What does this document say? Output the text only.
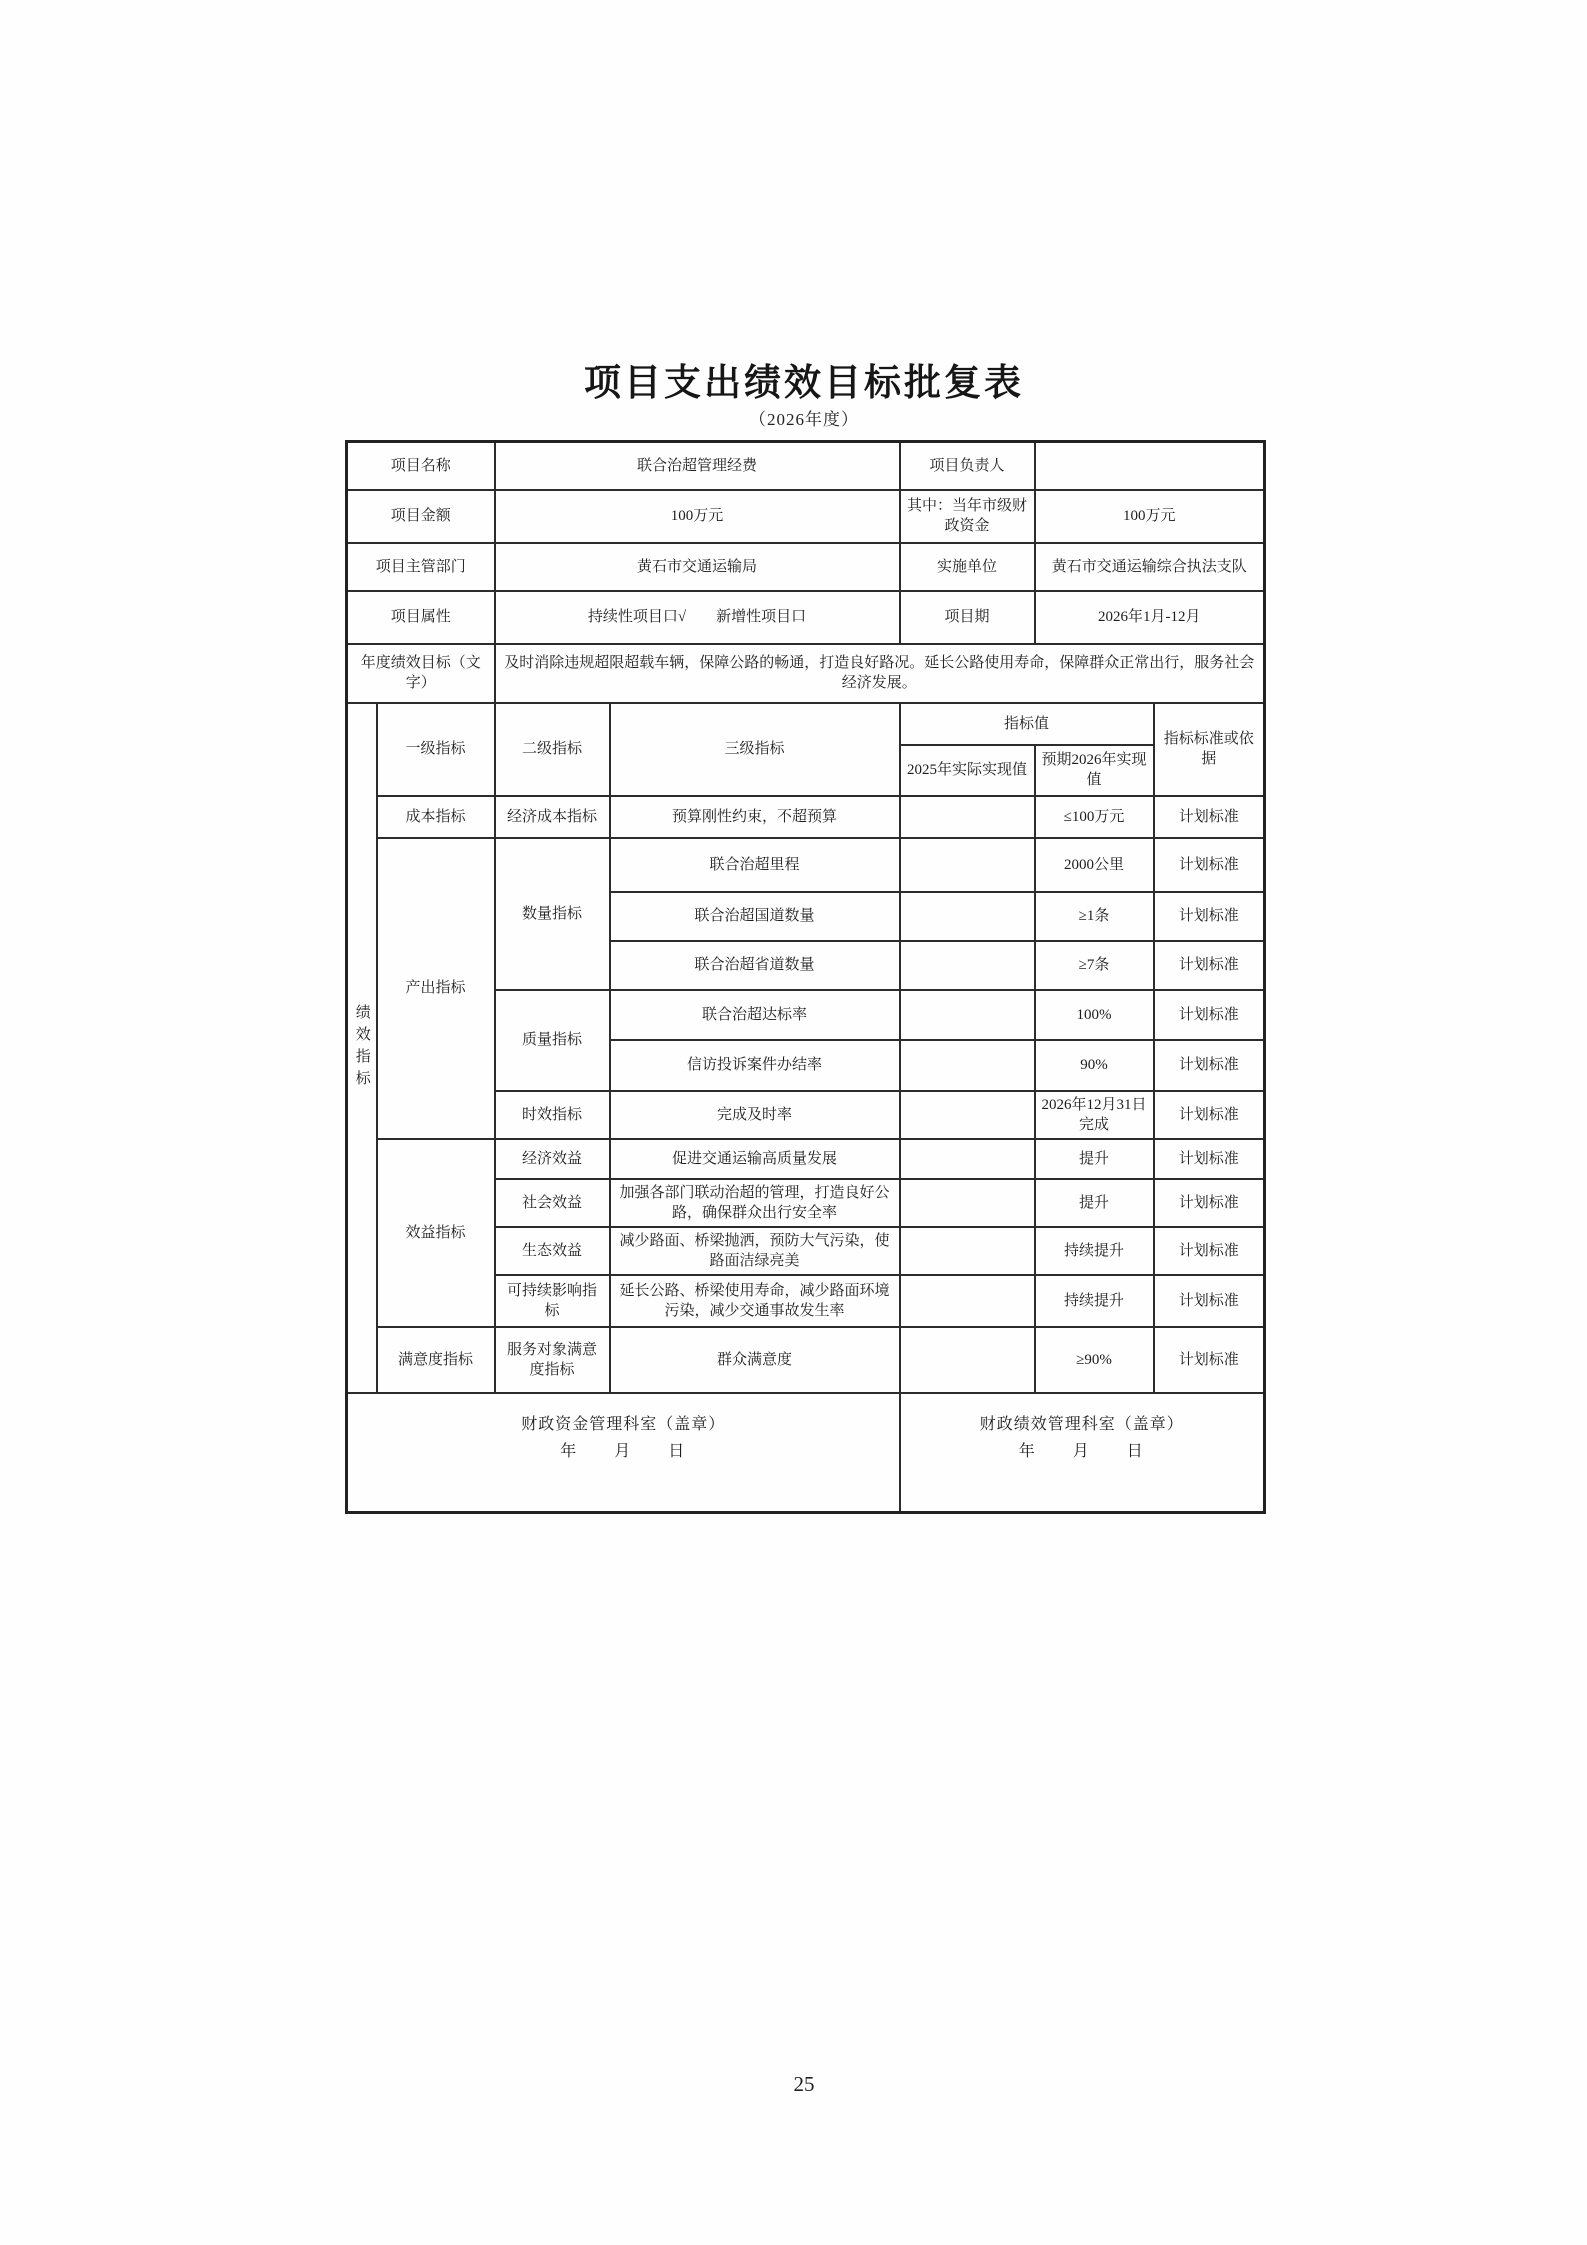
项目支出绩效目标批复表
（2026年度）
项目名称		联合治超管理经费		项目负责人		
项目金额		100万元		其中：当年市级财政资金	100万元	
项目主管部门		黄石市交通运输局		实施单位	黄石市交通运输综合执法支队	
项目属性		持续性项目口√　　新增性项目口		项目期	2026年1月-12月	
年度绩效目标（文字）		及时消除违规超限超载车辆，保障公路的畅通，打造良好路况。延长公路使用寿命，保障群众正常出行，服务社会经济发展。				
绩效指标	一级指标	二级指标	三级指标	指标值		指标标准或依据
				2025年实际实现值	预期2026年实现值	
	成本指标	经济成本指标	预算刚性约束，不超预算		≤100万元	计划标准
	产出指标	数量指标	联合治超里程		2000公里	计划标准
			联合治超国道数量		≥1条	计划标准
			联合治超省道数量		≥7条	计划标准
		质量指标	联合治超达标率		100%	计划标准
			信访投诉案件办结率		90%	计划标准
		时效指标	完成及时率		2026年12月31日完成	计划标准
	效益指标	经济效益	促进交通运输高质量发展		提升	计划标准
		社会效益	加强各部门联动治超的管理，打造良好公路，确保群众出行安全率		提升	计划标准
		生态效益	减少路面、桥梁抛洒，预防大气污染，使路面洁绿亮美		持续提升	计划标准
		可持续影响指标	延长公路、桥梁使用寿命，减少路面环境污染，减少交通事故发生率		持续提升	计划标准
	满意度指标	服务对象满意度指标	群众满意度		≥90%	计划标准

财政资金管理科室（盖章）
年　　月　　日				财政绩效管理科室（盖章）
年　　月　　日		
25
